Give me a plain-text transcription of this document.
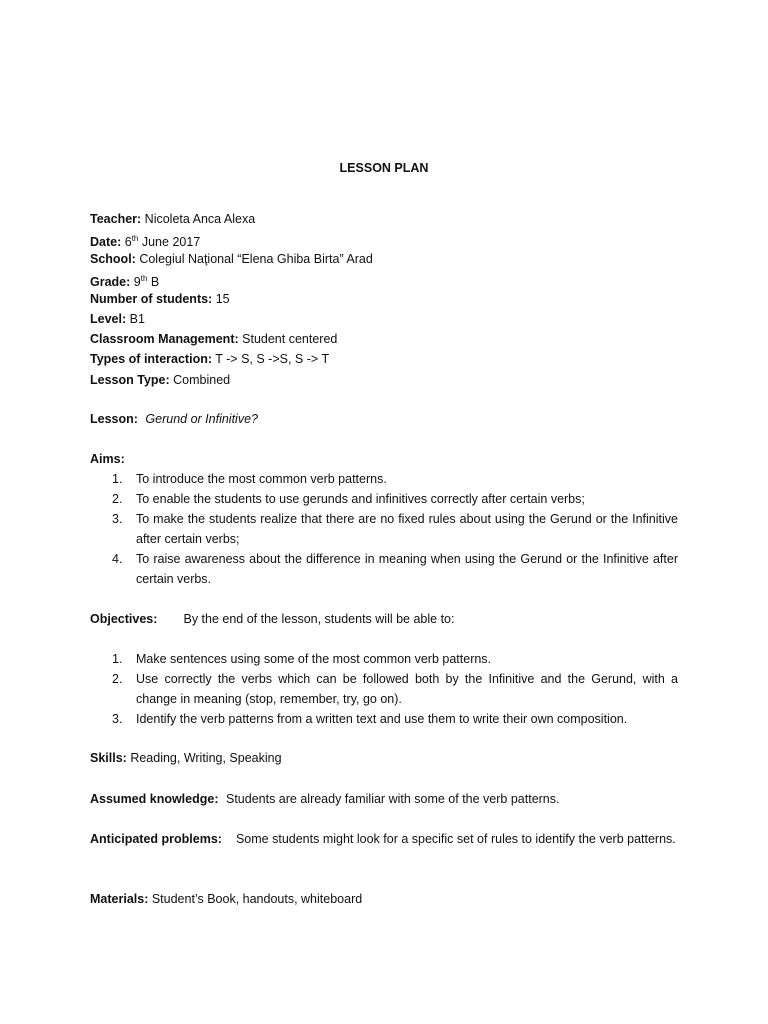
LESSON PLAN
Teacher: Nicoleta Anca Alexa
Date: 6th June 2017
School: Colegiul Naţional “Elena Ghiba Birta” Arad
Grade: 9th B
Number of students: 15
Level: B1
Classroom Management: Student centered
Types of interaction: T -> S, S ->S, S -> T
Lesson Type: Combined
Lesson: Gerund or Infinitive?
Aims:
1. To introduce the most common verb patterns.
2. To enable the students to use gerunds and infinitives correctly after certain verbs;
3. To make the students realize that there are no fixed rules about using the Gerund or the Infinitive after certain verbs;
4. To raise awareness about the difference in meaning when using the Gerund or the Infinitive after certain verbs.
Objectives: By the end of the lesson, students will be able to:
1. Make sentences using some of the most common verb patterns.
2. Use correctly the verbs which can be followed both by the Infinitive and the Gerund, with a change in meaning (stop, remember, try, go on).
3. Identify the verb patterns from a written text and use them to write their own composition.
Skills: Reading, Writing, Speaking
Assumed knowledge: Students are already familiar with some of the verb patterns.
Anticipated problems: Some students might look for a specific set of rules to identify the verb patterns.
Materials: Student’s Book, handouts, whiteboard
